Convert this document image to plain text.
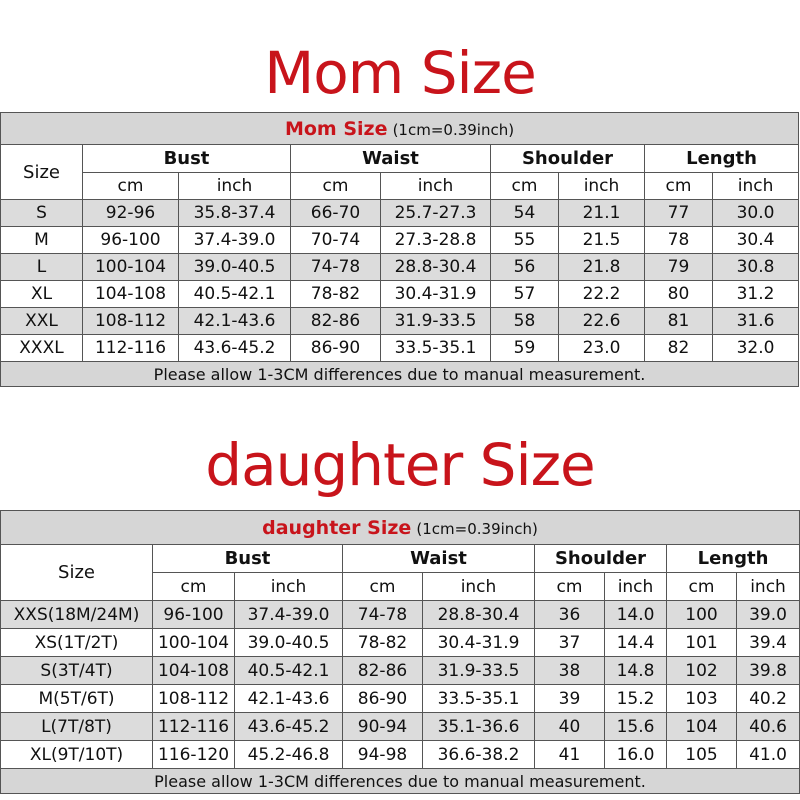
Mom Size
Mom Size (1cm=0.39inch)								
Size	Bust		Waist		Shoulder		Length	
	cm	inch	cm	inch	cm	inch	cm	inch
S	92-96	35.8-37.4	66-70	25.7-27.3	54	21.1	77	30.0
M	96-100	37.4-39.0	70-74	27.3-28.8	55	21.5	78	30.4
L	100-104	39.0-40.5	74-78	28.8-30.4	56	21.8	79	30.8
XL	104-108	40.5-42.1	78-82	30.4-31.9	57	22.2	80	31.2
XXL	108-112	42.1-43.6	82-86	31.9-33.5	58	22.6	81	31.6
XXXL	112-116	43.6-45.2	86-90	33.5-35.1	59	23.0	82	32.0
Please allow 1-3CM differences due to manual measurement.								
daughter Size
daughter Size (1cm=0.39inch)								
Size	Bust		Waist		Shoulder		Length	
	cm	inch	cm	inch	cm	inch	cm	inch
XXS(18M/24M)	96-100	37.4-39.0	74-78	28.8-30.4	36	14.0	100	39.0
XS(1T/2T)	100-104	39.0-40.5	78-82	30.4-31.9	37	14.4	101	39.4
S(3T/4T)	104-108	40.5-42.1	82-86	31.9-33.5	38	14.8	102	39.8
M(5T/6T)	108-112	42.1-43.6	86-90	33.5-35.1	39	15.2	103	40.2
L(7T/8T)	112-116	43.6-45.2	90-94	35.1-36.6	40	15.6	104	40.6
XL(9T/10T)	116-120	45.2-46.8	94-98	36.6-38.2	41	16.0	105	41.0
Please allow 1-3CM differences due to manual measurement.								
